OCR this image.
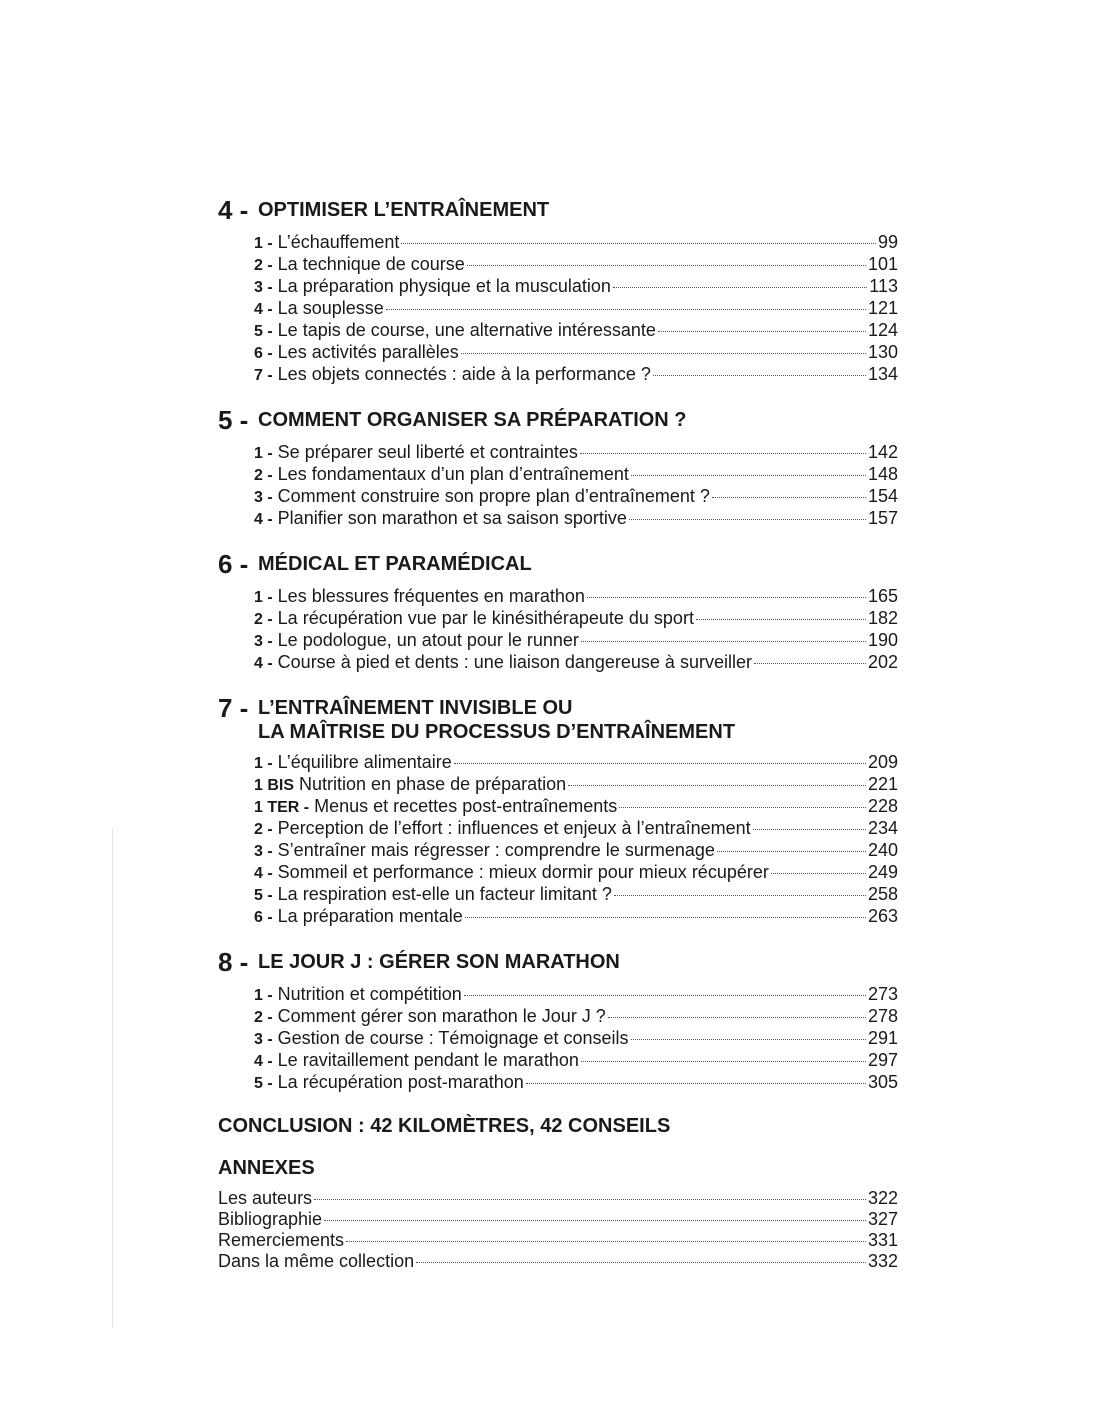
4 - OPTIMISER L’ENTRAÎNEMENT
1 - L’échauffement	99
2 - La technique de course	101
3 - La préparation physique et la musculation	113
4 - La souplesse	121
5 - Le tapis de course, une alternative intéressante	124
6 - Les activités parallèles	130
7 - Les objets connectés : aide à la performance ?	134
5 - COMMENT ORGANISER SA PRÉPARATION ?
1 - Se préparer seul liberté et contraintes	142
2 - Les fondamentaux d’un plan d’entraînement	148
3 - Comment construire son propre plan d’entraînement ?	154
4 - Planifier son marathon et sa saison sportive	157
6 - MÉDICAL ET PARAMÉDICAL
1 - Les blessures fréquentes en marathon	165
2 - La récupération vue par le kinésithérapeute du sport	182
3 - Le podologue, un atout pour le runner	190
4 - Course à pied et dents : une liaison dangereuse à surveiller	202
7 - L’ENTRAÎNEMENT INVISIBLE OU
LA MAÎTRISE DU PROCESSUS D’ENTRAÎNEMENT
1 - L’équilibre alimentaire	209
1 BIS Nutrition en phase de préparation	221
1 TER - Menus et recettes post-entraînements	228
2 - Perception de l’effort : influences et enjeux à l’entraînement	234
3 - S’entraîner mais régresser : comprendre le surmenage	240
4 - Sommeil et performance : mieux dormir pour mieux récupérer	249
5 - La respiration est-elle un facteur limitant ?	258
6 - La préparation mentale	263
8 - LE JOUR J : GÉRER SON MARATHON
1 - Nutrition et compétition	273
2 - Comment gérer son marathon le Jour J ?	278
3 - Gestion de course : Témoignage et conseils	291
4 - Le ravitaillement pendant le marathon	297
5 - La récupération post-marathon	305
CONCLUSION : 42 KILOMÈTRES, 42 CONSEILS
ANNEXES
Les auteurs	322
Bibliographie	327
Remerciements	331
Dans la même collection	332
